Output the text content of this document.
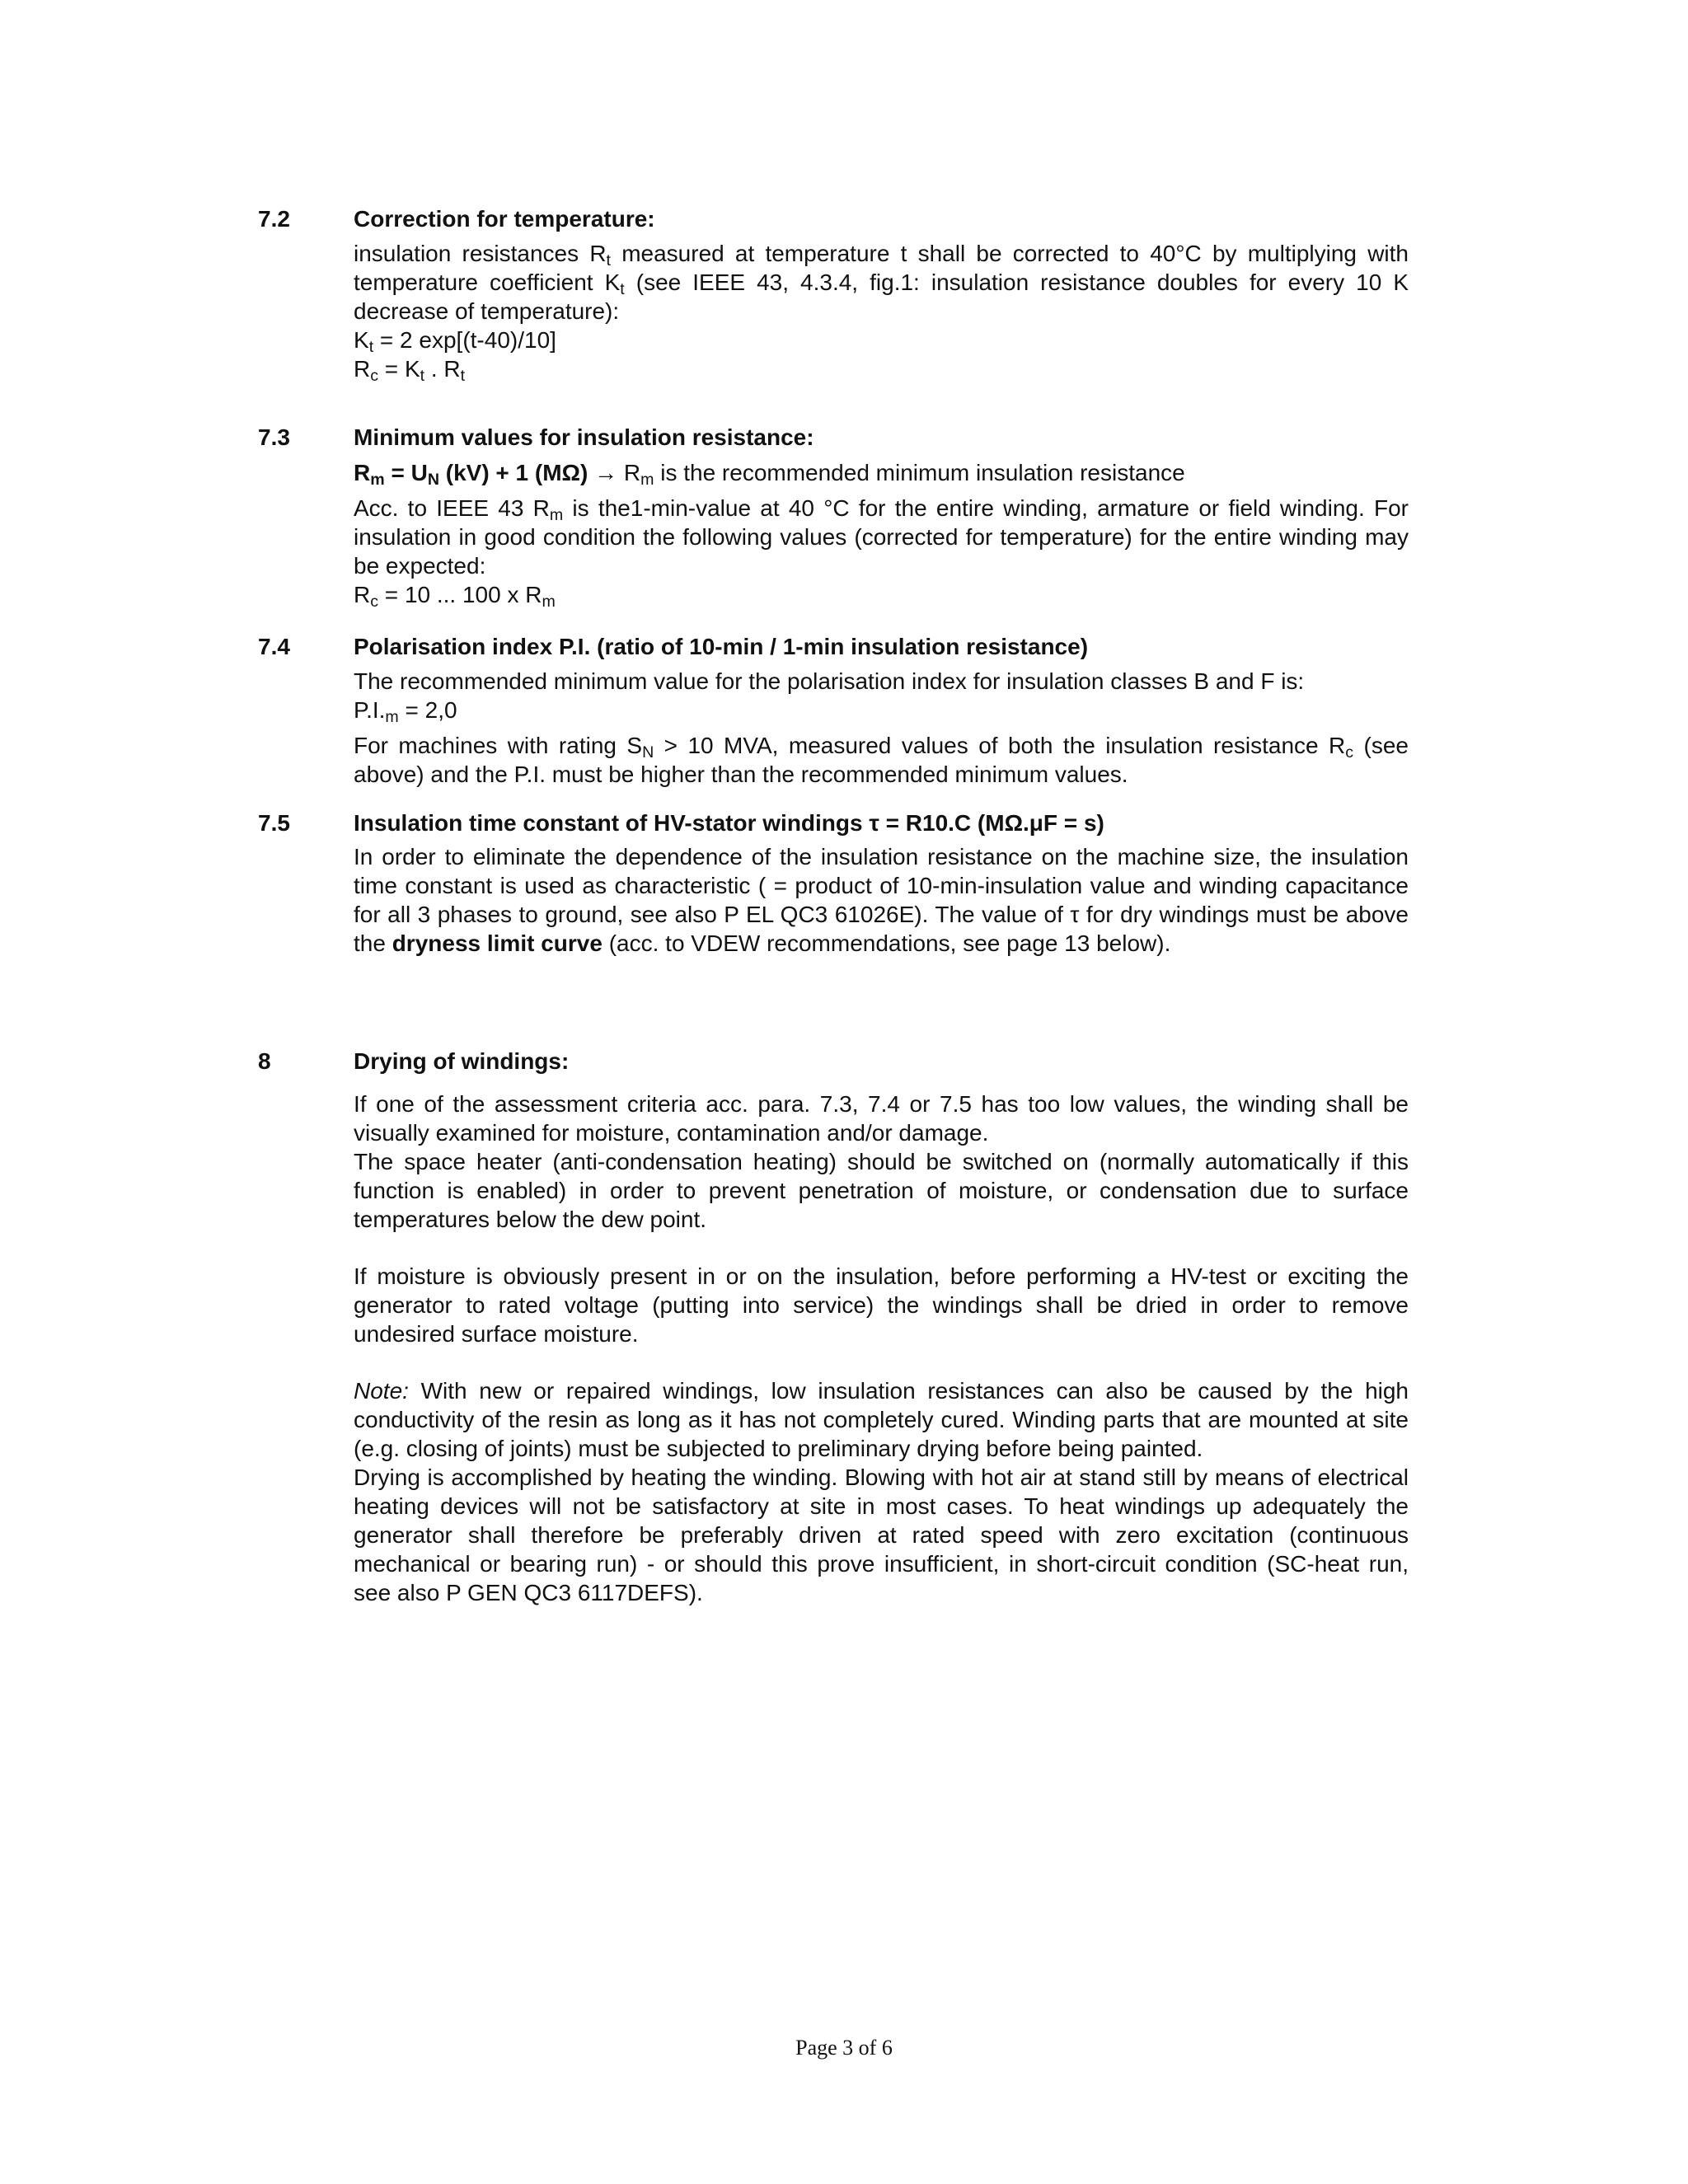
7.2	Correction for temperature:

insulation resistances $R_t$ measured at temperature t shall be corrected to 40°C by multiplying with temperature coefficient $K_t$ (see IEEE 43, 4.3.4, fig.1: insulation resistance doubles for every 10 K decrease of temperature):

$K_t = 2$ exp[(t-40)/10]

$R_c = K_t$ . $R_t$

7.3	Minimum values for insulation resistance:

$R_m = U_N$ (kV) + 1 $(M\Omega) \to R_m$ is the recommended minimum insulation resistance

Acc. to IEEE 43 $R_m$ is the1-min-value at 40 °C for the entire winding, armature or field winding. For insulation in good condition the following values (corrected for temperature) for the entire winding may be expected:

$R_c = 10$ ... 100 x $R_m$

7.4	Polarisation index P.I. (ratio of 10-min / 1-min insulation resistance)

The recommended minimum value for the polarisation index for insulation classes B and F is:

$P.I._m = 2,0$

For machines with rating $S_N > 10$ MVA, measured values of both the insulation resistance $R_c$ (see above) and the P.I. must be higher than the recommended minimum values.

7.5	Insulation time constant of HV-stator windings τ = R10.C (MΩ.μF = s)

In order to eliminate the dependence of the insulation resistance on the machine size, the insulation time constant is used as characteristic ( = product of 10-min-insulation value and winding capacitance for all 3 phases to ground, see also P EL QC3 61026E). The value of τ for dry windings must be above the dryness limit curve (acc. to VDEW recommendations, see page 13 below).

8	Drying of windings:

If one of the assessment criteria acc. para. 7.3, 7.4 or 7.5 has too low values, the winding shall be visually examined for moisture, contamination and/or damage.

The space heater (anti-condensation heating) should be switched on (normally automatically if this function is enabled) in order to prevent penetration of moisture, or condensation due to surface temperatures below the dew point.

If moisture is obviously present in or on the insulation, before performing a HV-test or exciting the generator to rated voltage (putting into service) the windings shall be dried in order to remove undesired surface moisture.

Note: With new or repaired windings, low insulation resistances can also be caused by the high conductivity of the resin as long as it has not completely cured. Winding parts that are mounted at site (e.g. closing of joints) must be subjected to preliminary drying before being painted.

Drying is accomplished by heating the winding. Blowing with hot air at stand still by means of electrical heating devices will not be satisfactory at site in most cases. To heat windings up adequately the generator shall therefore be preferably driven at rated speed with zero excitation (continuous mechanical or bearing run) - or should this prove insufficient, in short-circuit condition (SC-heat run, see also P GEN QC3 6117DEFS).

Page 3 of 6
